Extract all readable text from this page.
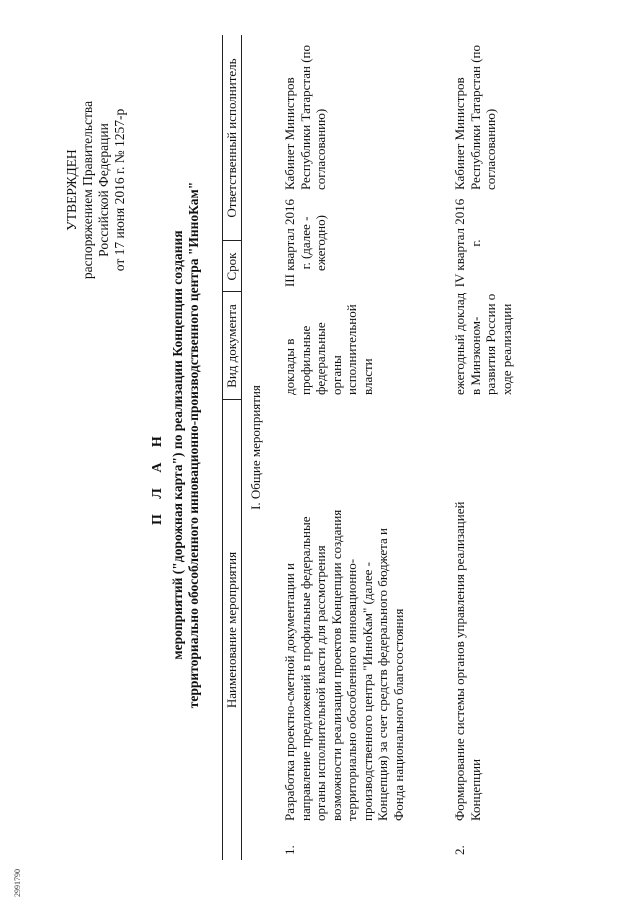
2991790
УТВЕРЖДЕН распоряжением Правительства Российской Федерации от 17 июня 2016 г. № 1257-р
П Л А Н мероприятий ("дорожная карта") по реализации Концепции создания территориально обособленного инновационно-производственного центра "ИнноКам" Наименование мероприятия
Вид документа
Срок
Ответственный исполнитель
I. Общие мероприятия
1.
Разработка проектно-сметной документации и направление предложений в профильные федеральные органы исполнительной власти для рассмотрения возможности реализации проектов Концепции создания территориально обособленного инновационно-производственного центра "ИнноКам" (далее - Концепция) за счет средств федерального бюджета и Фонда национального благосостояния
доклады в профильные федеральные органы исполнительной власти
III квартал 2016 г. (далее - ежегодно)
Кабинет Министров Республики Татарстан (по согласованию)
2.
Формирование системы органов управления реализацией Концепции
ежегодный доклад в Минэконом-развития России о ходе реализации
IV квартал 2016 г.
Кабинет Министров Республики Татарстан (по согласованию)
